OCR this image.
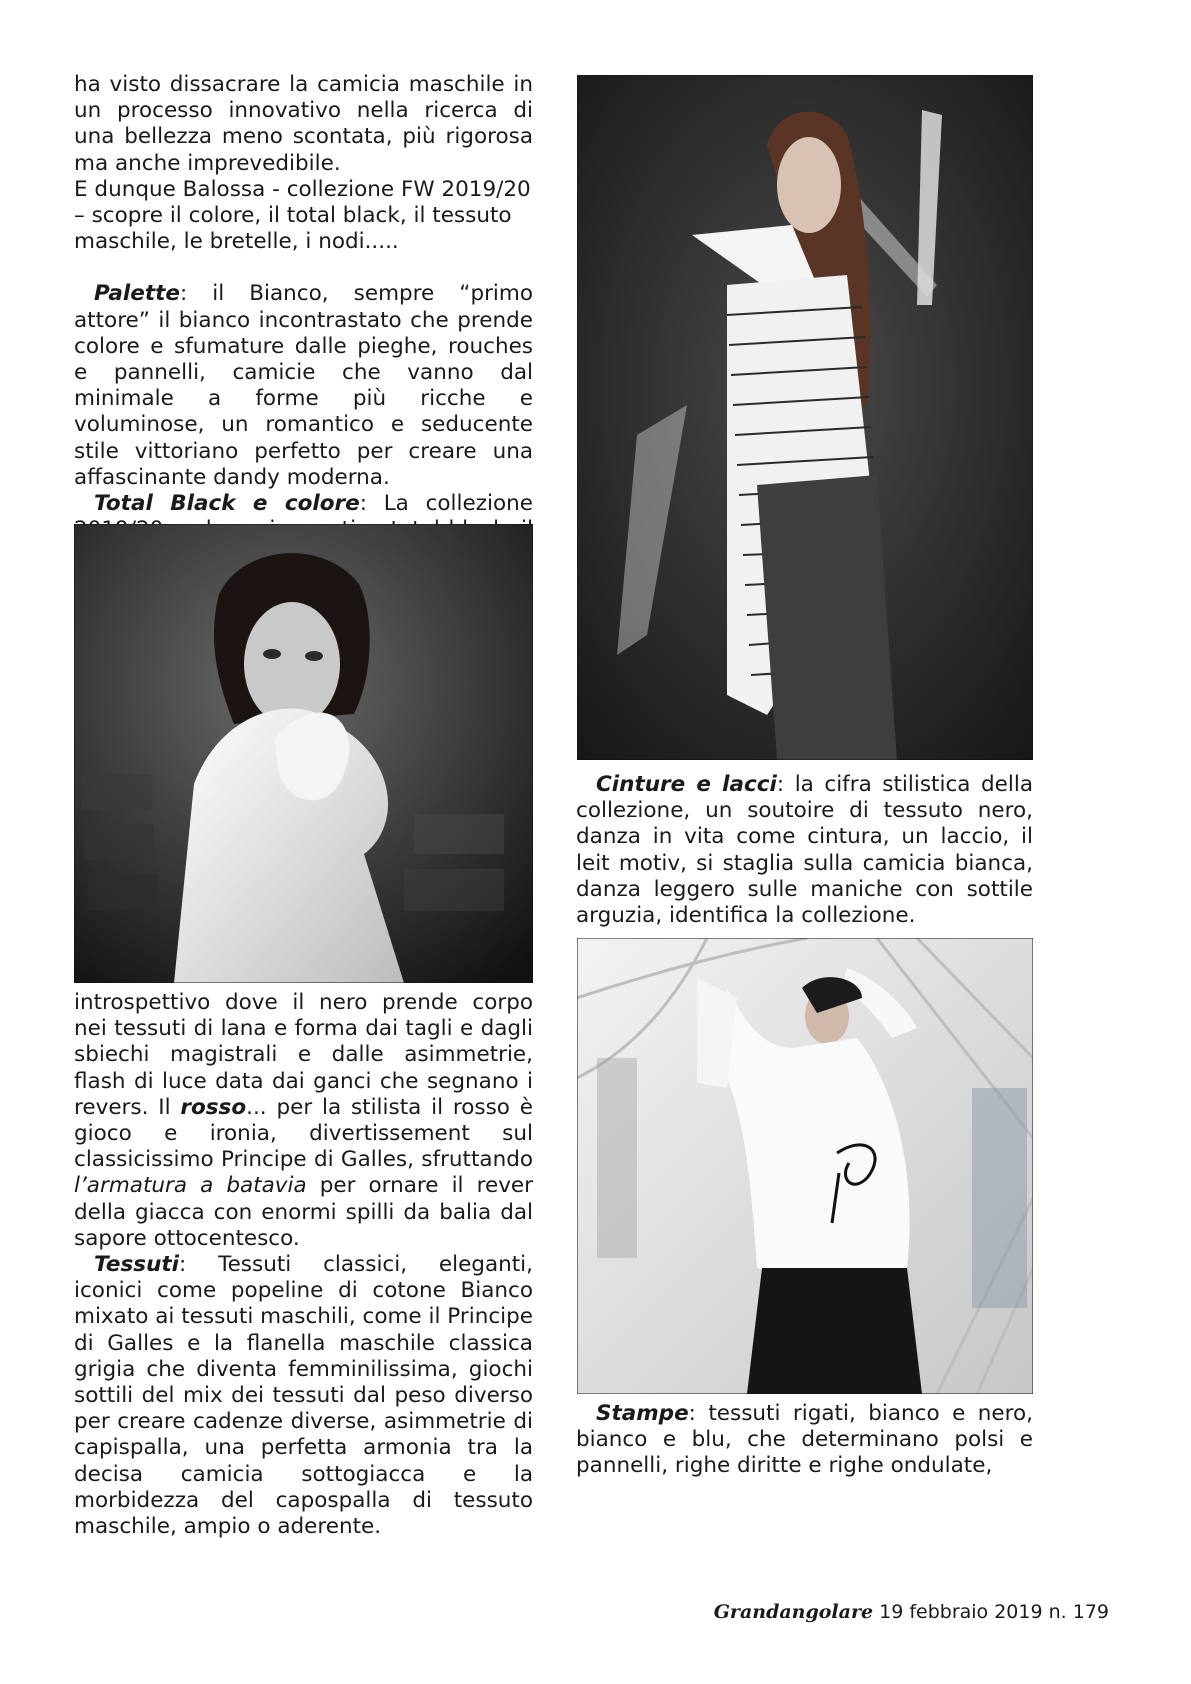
ha visto dissacrare la camicia maschile in un processo innovativo nella ricerca di una bellezza meno scontata, più rigorosa ma anche imprevedibile.

E dunque Balossa - collezione FW 2019/20 – scopre il colore, il total black, il tessuto maschile, le bretelle, i nodi.....

Palette: il Bianco, sempre “primo attore” il bianco incontrastato che prende colore e sfumature dalle pieghe, rouches e pannelli, camicie che vanno dal minimale a forme più ricche e voluminose, un romantico e seducente stile vittoriano perfetto per creare una affascinante dandy moderna.

Total Black e colore: La collezione

introspettivo dove il nero prende corpo nei tessuti di lana e forma dai tagli e dagli sbiechi magistrali e dalle asimmetrie, flash di luce data dai ganci che segnano i revers. Il rosso... per la stilista il rosso è gioco e ironia, divertissement sul classicissimo Principe di Galles, sfruttando l’armatura a batavia per ornare il rever della giacca con enormi spilli da balia dal sapore ottocentesco.

Tessuti: Tessuti classici, eleganti, iconici come popeline di cotone Bianco mixato ai tessuti maschili, come il Principe di Galles e la flanella maschile classica grigia che diventa femminilissima, giochi sottili del mix dei tessuti dal peso diverso per creare cadenze diverse, asimmetrie di capispalla, una perfetta armonia tra la decisa camicia sottogiacca e la morbidezza del capospalla di tessuto maschile, ampio o aderente.

Cinture e lacci: la cifra stilistica della collezione, un soutoire di tessuto nero, danza in vita come cintura, un laccio, il leit motiv, si staglia sulla camicia bianca, danza leggero sulle maniche con sottile arguzia, identifica la collezione.

Stampe: tessuti rigati, bianco e nero, bianco e blu, che determinano polsi e pannelli, righe diritte e righe ondulate,

Grandangolare 19 febbraio 2019 n. 179
